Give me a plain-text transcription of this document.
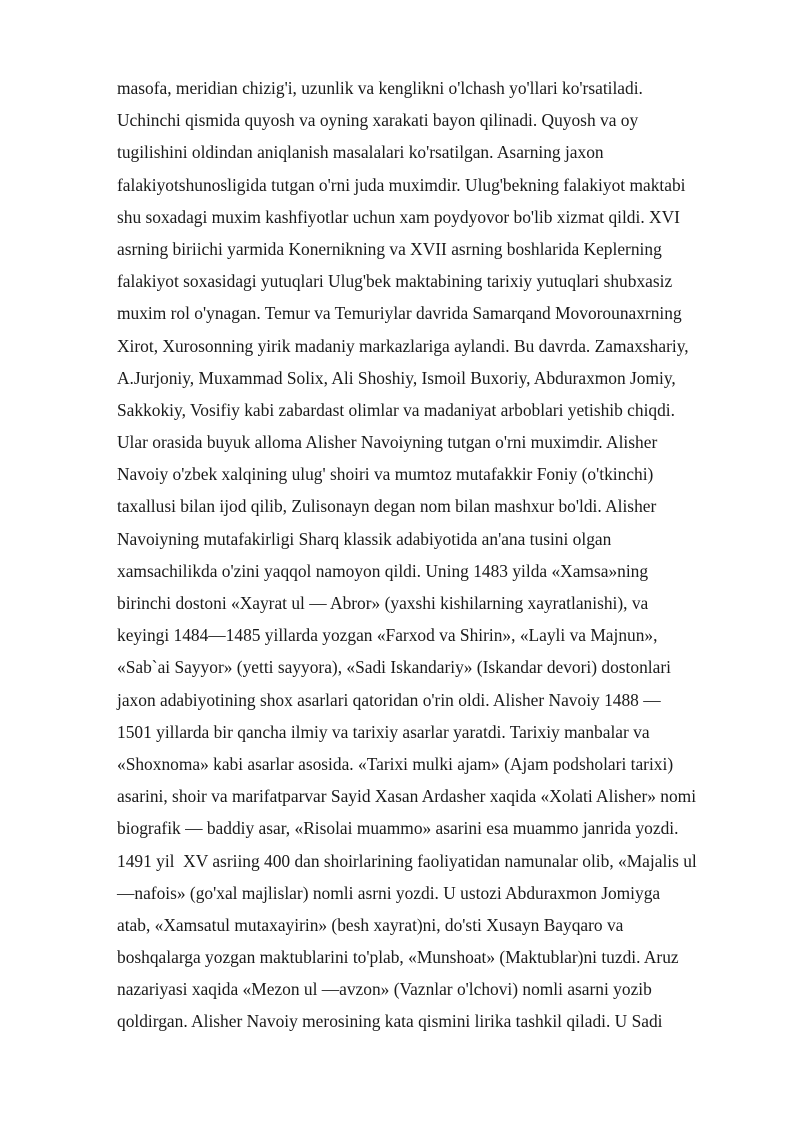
masofa, meridian chizig'i, uzunlik va kenglikni o'lchash yo'llari ko'rsatiladi.
Uchinchi qismida quyosh va oyning xarakati bayon qilinadi. Quyosh va oy
tugilishini oldindan aniqlanish masalalari ko'rsatilgan. Asarning jaxon
falakiyotshunosligida tutgan o'rni juda muximdir. Ulug'bekning falakiyot maktabi
shu soxadagi muxim kashfiyotlar uchun xam poydyovor bo'lib xizmat qildi. XVI
asrning biriichi yarmida Konernikning va XVII asrning boshlarida Keplerning
falakiyot soxasidagi yutuqlari Ulug'bek maktabining tarixiy yutuqlari shubxasiz
muxim rol o'ynagan. Temur va Temuriylar davrida Samarqand Movorounaxrning
Xirot, Xurosonning yirik madaniy markazlariga aylandi. Bu davrda. Zamaxshariy,
A.Jurjoniy, Muxammad Solix, Ali Shoshiy, Ismoil Buxoriy, Abduraxmon Jomiy,
Sakkokiy, Vosifiy kabi zabardast olimlar va madaniyat arboblari yetishib chiqdi.
Ular orasida buyuk alloma Alisher Navoiyning tutgan o'rni muximdir. Alisher
Navoiy o'zbek xalqining ulug' shoiri va mumtoz mutafakkir Foniy (o'tkinchi)
taxallusi bilan ijod qilib, Zulisonayn degan nom bilan mashxur bo'ldi. Alisher
Navoiyning mutafakirligi Sharq klassik adabiyotida an'ana tusini olgan
xamsachilikda o'zini yaqqol namoyon qildi. Uning 1483 yilda «Xamsa»ning
birinchi dostoni «Xayrat ul — Abror» (yaxshi kishilarning xayratlanishi), va
keyingi 1484—1485 yillarda yozgan «Farxod va Shirin», «Layli va Majnun»,
«Sab`ai Sayyor» (yetti sayyora), «Sadi Iskandariy» (Iskandar devori) dostonlari
jaxon adabiyotining shox asarlari qatoridan o'rin oldi. Alisher Navoiy 1488 —
1501 yillarda bir qancha ilmiy va tarixiy asarlar yaratdi. Tarixiy manbalar va
«Shoxnoma» kabi asarlar asosida. «Tarixi mulki ajam» (Ajam podsholari tarixi)
asarini, shoir va marifatparvar Sayid Xasan Ardasher xaqida «Xolati Alisher» nomi
biografik — baddiy asar, «Risolai muammo» asarini esa muammo janrida yozdi.
1491 yil  XV asriing 400 dan shoirlarining faoliyatidan namunalar olib, «Majalis ul
—nafois» (go'xal majlislar) nomli asrni yozdi. U ustozi Abduraxmon Jomiyga
atab, «Xamsatul mutaxayirin» (besh xayrat)ni, do'sti Xusayn Bayqaro va
boshqalarga yozgan maktublarini to'plab, «Munshoat» (Maktublar)ni tuzdi. Aruz
nazariyasi xaqida «Mezon ul —avzon» (Vaznlar o'lchovi) nomli asarni yozib
qoldirgan. Alisher Navoiy merosining kata qismini lirika tashkil qiladi. U Sadi
